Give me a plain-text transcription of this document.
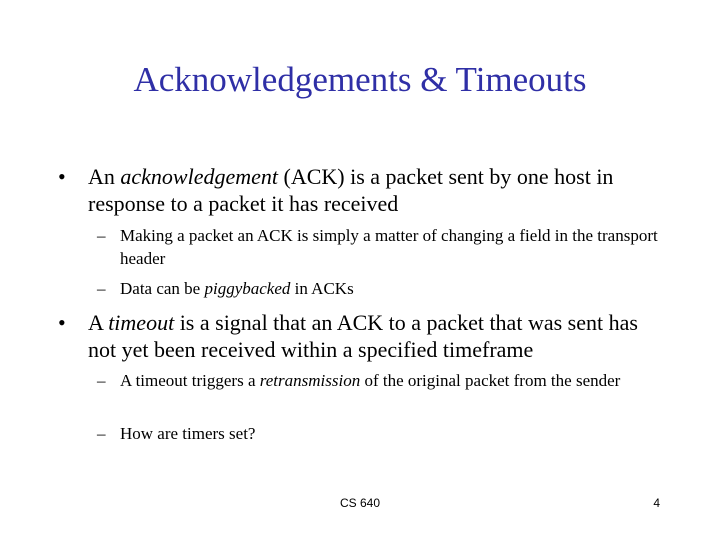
Acknowledgements & Timeouts
•	An acknowledgement (ACK) is a packet sent by one host in response to a packet it has received
– Making a packet an ACK is simply a matter of changing a field in the transport header
– Data can be piggybacked in ACKs
•	A timeout is a signal that an ACK to a packet that was sent has not yet been received within a specified timeframe
– A timeout triggers a retransmission of the original packet from the sender
– How are timers set?
CS 640	4
